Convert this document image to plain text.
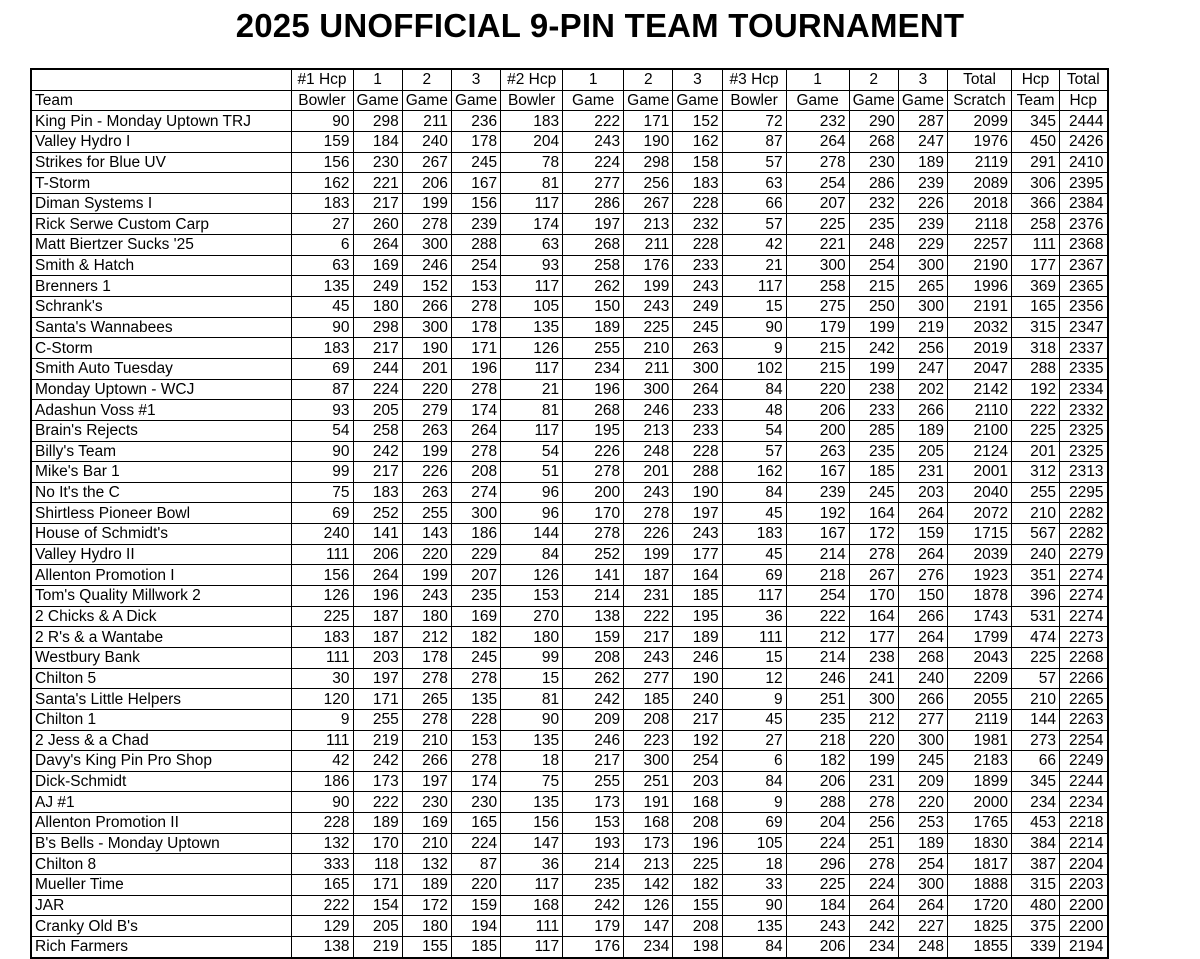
2025 UNOFFICIAL 9-PIN TEAM TOURNAMENT
	#1 Hcp	1	2	3	#2 Hcp	1	2	3	#3 Hcp	1	2	3	Total	Hcp	Total
Team	Bowler	Game	Game	Game	Bowler	Game	Game	Game	Bowler	Game	Game	Game	Scratch	Team	Hcp
King Pin - Monday Uptown TRJ	90	298	211	236	183	222	171	152	72	232	290	287	2099	345	2444
Valley Hydro I	159	184	240	178	204	243	190	162	87	264	268	247	1976	450	2426
Strikes for Blue UV	156	230	267	245	78	224	298	158	57	278	230	189	2119	291	2410
T-Storm	162	221	206	167	81	277	256	183	63	254	286	239	2089	306	2395
Diman Systems I	183	217	199	156	117	286	267	228	66	207	232	226	2018	366	2384
Rick Serwe Custom Carp	27	260	278	239	174	197	213	232	57	225	235	239	2118	258	2376
Matt Biertzer Sucks '25	6	264	300	288	63	268	211	228	42	221	248	229	2257	111	2368
Smith & Hatch	63	169	246	254	93	258	176	233	21	300	254	300	2190	177	2367
Brenners 1	135	249	152	153	117	262	199	243	117	258	215	265	1996	369	2365
Schrank's	45	180	266	278	105	150	243	249	15	275	250	300	2191	165	2356
Santa's Wannabees	90	298	300	178	135	189	225	245	90	179	199	219	2032	315	2347
C-Storm	183	217	190	171	126	255	210	263	9	215	242	256	2019	318	2337
Smith Auto Tuesday	69	244	201	196	117	234	211	300	102	215	199	247	2047	288	2335
Monday Uptown - WCJ	87	224	220	278	21	196	300	264	84	220	238	202	2142	192	2334
Adashun Voss #1	93	205	279	174	81	268	246	233	48	206	233	266	2110	222	2332
Brain's Rejects	54	258	263	264	117	195	213	233	54	200	285	189	2100	225	2325
Billy's Team	90	242	199	278	54	226	248	228	57	263	235	205	2124	201	2325
Mike's Bar 1	99	217	226	208	51	278	201	288	162	167	185	231	2001	312	2313
No It's the C	75	183	263	274	96	200	243	190	84	239	245	203	2040	255	2295
Shirtless Pioneer Bowl	69	252	255	300	96	170	278	197	45	192	164	264	2072	210	2282
House of Schmidt's	240	141	143	186	144	278	226	243	183	167	172	159	1715	567	2282
Valley Hydro II	111	206	220	229	84	252	199	177	45	214	278	264	2039	240	2279
Allenton Promotion I	156	264	199	207	126	141	187	164	69	218	267	276	1923	351	2274
Tom's Quality Millwork 2	126	196	243	235	153	214	231	185	117	254	170	150	1878	396	2274
2 Chicks & A Dick	225	187	180	169	270	138	222	195	36	222	164	266	1743	531	2274
2 R's & a Wantabe	183	187	212	182	180	159	217	189	111	212	177	264	1799	474	2273
Westbury Bank	111	203	178	245	99	208	243	246	15	214	238	268	2043	225	2268
Chilton 5	30	197	278	278	15	262	277	190	12	246	241	240	2209	57	2266
Santa's Little Helpers	120	171	265	135	81	242	185	240	9	251	300	266	2055	210	2265
Chilton 1	9	255	278	228	90	209	208	217	45	235	212	277	2119	144	2263
2 Jess & a Chad	111	219	210	153	135	246	223	192	27	218	220	300	1981	273	2254
Davy's King Pin Pro Shop	42	242	266	278	18	217	300	254	6	182	199	245	2183	66	2249
Dick-Schmidt	186	173	197	174	75	255	251	203	84	206	231	209	1899	345	2244
AJ #1	90	222	230	230	135	173	191	168	9	288	278	220	2000	234	2234
Allenton Promotion II	228	189	169	165	156	153	168	208	69	204	256	253	1765	453	2218
B's Bells - Monday Uptown	132	170	210	224	147	193	173	196	105	224	251	189	1830	384	2214
Chilton 8	333	118	132	87	36	214	213	225	18	296	278	254	1817	387	2204
Mueller Time	165	171	189	220	117	235	142	182	33	225	224	300	1888	315	2203
JAR	222	154	172	159	168	242	126	155	90	184	264	264	1720	480	2200
Cranky Old B's	129	205	180	194	111	179	147	208	135	243	242	227	1825	375	2200
Rich Farmers	138	219	155	185	117	176	234	198	84	206	234	248	1855	339	2194
